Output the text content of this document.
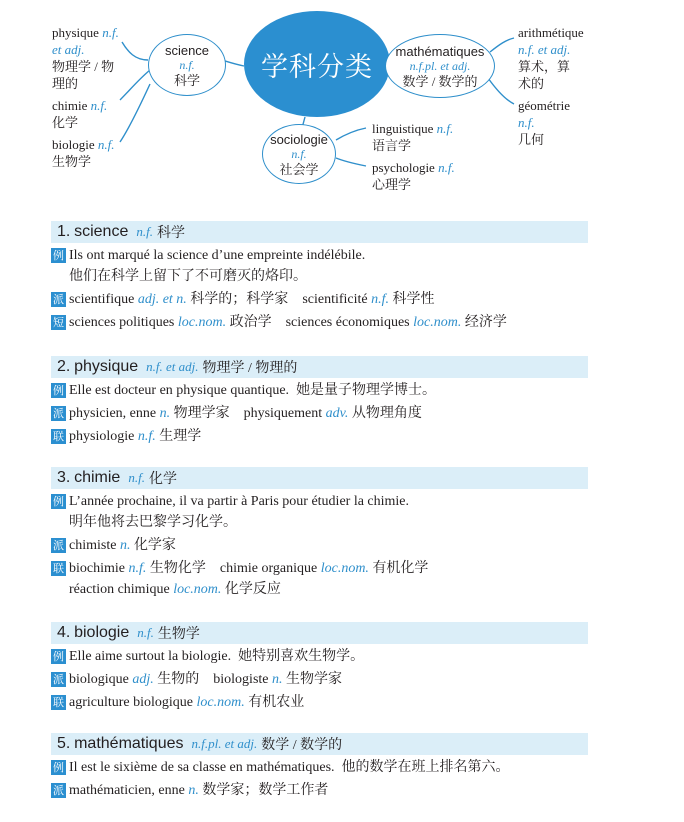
学科分类
science
n.f.
科学
mathématiques
n.f.pl. et adj.
数学 / 数学的
sociologie
n.f.
社会学
physique n.f.
et adj.
物理学 / 物
理的
chimie n.f.
化学
biologie n.f.
生物学
linguistique n.f.
语言学
psychologie n.f.
心理学
arithmétique
n.f. et adj.
算术，算
术的
géométrie
n.f.
几何
1.
science n.f. 科学
例 Ils ont marqué la science d’une empreinte indélébile.
他们在科学上留下了不可磨灭的烙印。
派 scientifique adj. et n. 科学的；科学家 scientificité n.f. 科学性
短 sciences politiques loc.nom. 政治学 sciences économiques loc.nom. 经济学
2.
physique n.f. et adj. 物理学 / 物理的
例 Elle est docteur en physique quantique. 她是量子物理学博士。
派 physicien, enne n. 物理学家 physiquement adv. 从物理角度
联 physiologie n.f. 生理学
3.
chimie n.f. 化学
例 L’année prochaine, il va partir à Paris pour étudier la chimie.
明年他将去巴黎学习化学。
派 chimiste n. 化学家
联 biochimie n.f. 生物化学 chimie organique loc.nom. 有机化学
réaction chimique loc.nom. 化学反应
4.
biologie n.f. 生物学
例 Elle aime surtout la biologie. 她特别喜欢生物学。
派 biologique adj. 生物的 biologiste n. 生物学家
联 agriculture biologique loc.nom. 有机农业
5.
mathématiques n.f.pl. et adj. 数学 / 数学的
例 Il est le sixième de sa classe en mathématiques. 他的数学在班上排名第六。
派 mathématicien, enne n. 数学家；数学工作者
